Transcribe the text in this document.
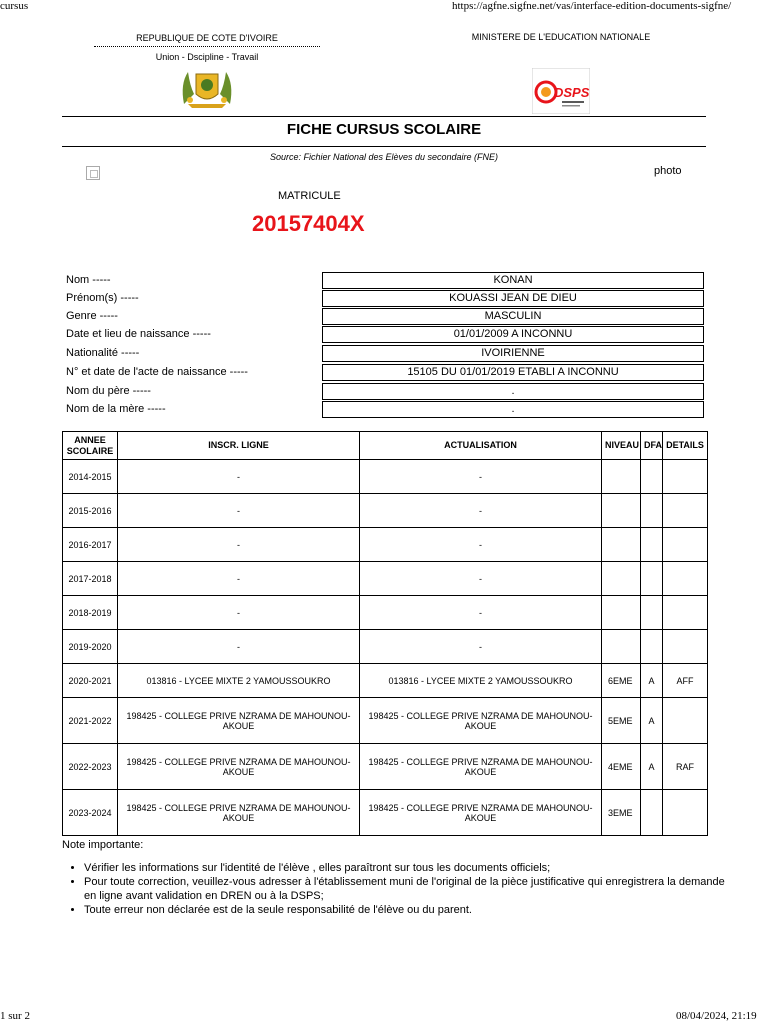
cursus	https://agfne.sigfne.net/vas/interface-edition-documents-sigfne/
1 sur 2	08/04/2024, 21:19
REPUBLIQUE DE COTE D'IVOIRE
Union - Dscipline - Travail
MINISTERE DE L'EDUCATION NATIONALE
DSPS
FICHE CURSUS SCOLAIRE
Source: Fichier National des Elèves du secondaire (FNE)
photo
MATRICULE
20157404X
Nom -----	KONAN
Prénom(s) -----	KOUASSI JEAN DE DIEU
Genre -----	MASCULIN
Date et lieu de naissance -----	01/01/2009 A INCONNU
Nationalité -----	IVOIRIENNE
N° et date de l'acte de naissance -----	15105 DU 01/01/2019 ETABLI A INCONNU
Nom du père -----	.
Nom de la mère -----	.
ANNEE SCOLAIRE	INSCR. LIGNE	ACTUALISATION	NIVEAU	DFA	DETAILS
2014-2015	-	-			
2015-2016	-	-			
2016-2017	-	-			
2017-2018	-	-			
2018-2019	-	-			
2019-2020	-	-			
2020-2021	013816 - LYCEE MIXTE 2 YAMOUSSOUKRO	013816 - LYCEE MIXTE 2 YAMOUSSOUKRO	6EME	A	AFF
2021-2022	198425 - COLLEGE PRIVE NZRAMA DE MAHOUNOU-AKOUE	198425 - COLLEGE PRIVE NZRAMA DE MAHOUNOU-AKOUE	5EME	A	
2022-2023	198425 - COLLEGE PRIVE NZRAMA DE MAHOUNOU-AKOUE	198425 - COLLEGE PRIVE NZRAMA DE MAHOUNOU-AKOUE	4EME	A	RAF
2023-2024	198425 - COLLEGE PRIVE NZRAMA DE MAHOUNOU-AKOUE	198425 - COLLEGE PRIVE NZRAMA DE MAHOUNOU-AKOUE	3EME		
Note importante:
• Vérifier les informations sur l'identité de l'élève , elles paraîtront sur tous les documents officiels;
• Pour toute correction, veuillez-vous adresser à l'établissement muni de l'original de la pièce justificative qui enregistrera la demande en ligne avant validation en DREN ou à la DSPS;
• Toute erreur non déclarée est de la seule responsabilité de l'élève ou du parent.
